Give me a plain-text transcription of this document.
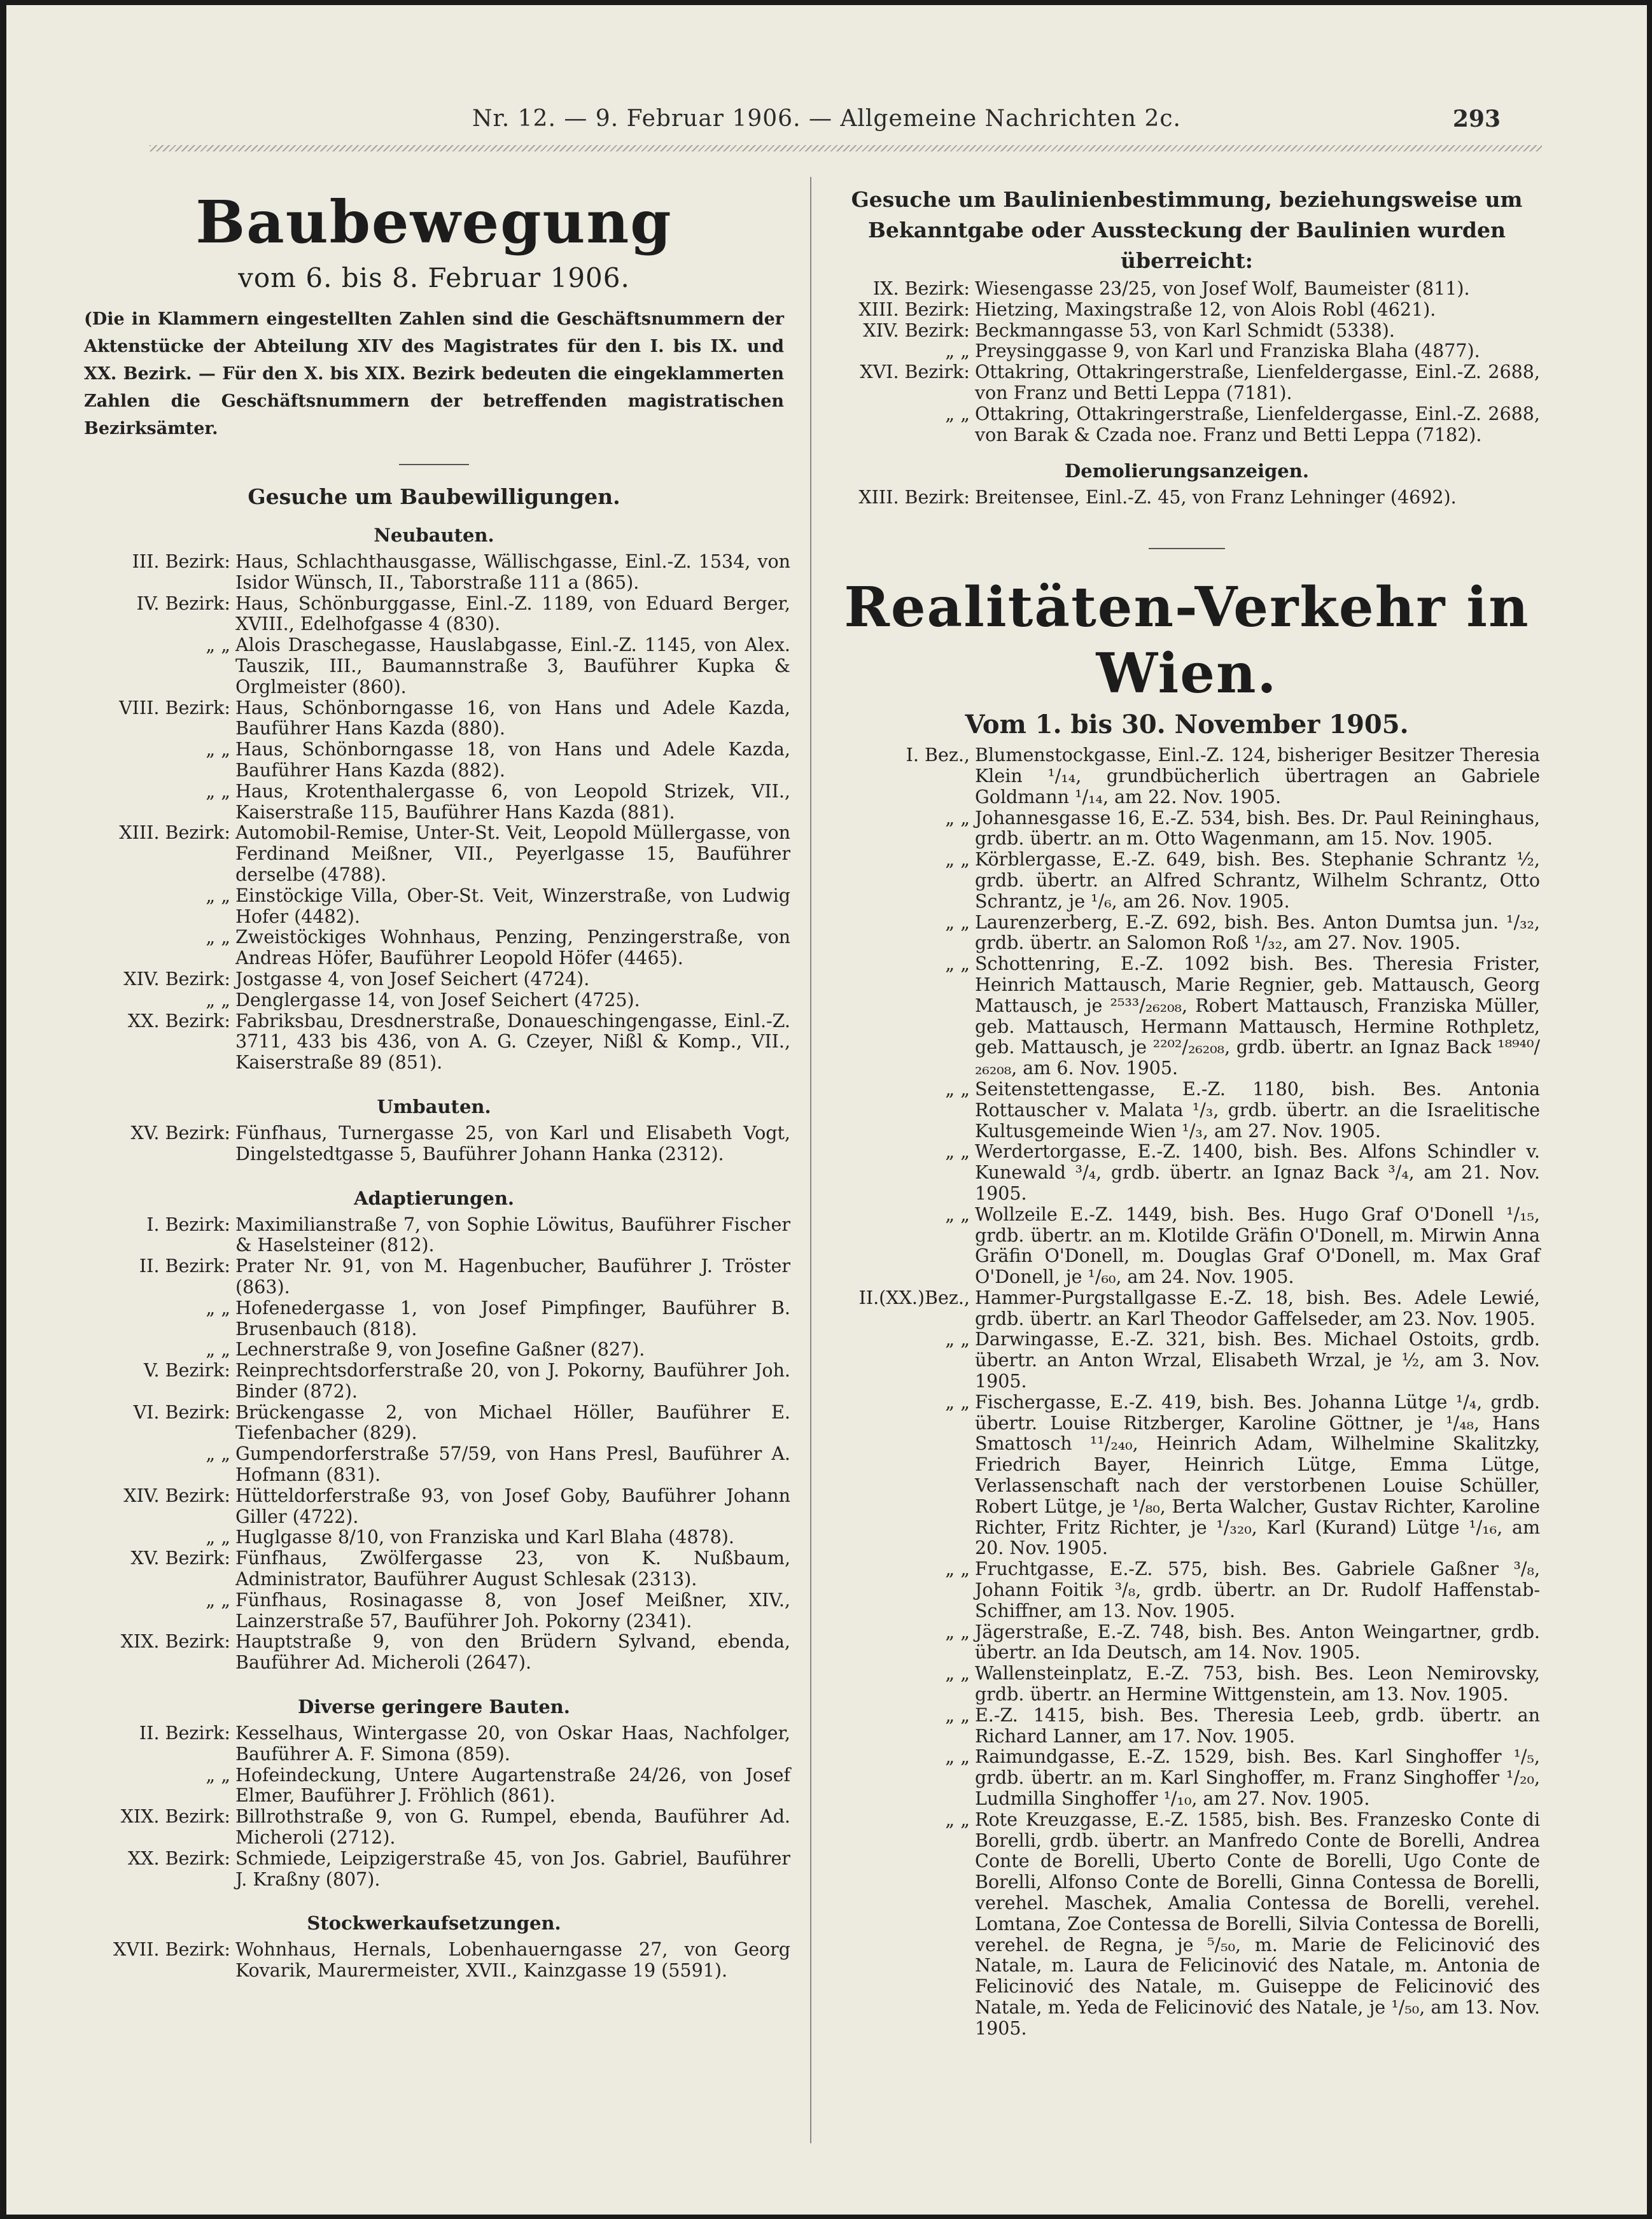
Nr. 12. — 9. Februar 1906. — Allgemeine Nachrichten 2c.	293
Baubewegung
vom 6. bis 8. Februar 1906.
(Die in Klammern eingestellten Zahlen sind die Geschäftsnummern der Aktenstücke der Abteilung XIV des Magistrates für den I. bis IX. und XX. Bezirk. — Für den X. bis XIX. Bezirk bedeuten die eingeklammerten Zahlen die Geschäftsnummern der betreffenden magistratischen Bezirksämter.
Gesuche um Baubewilligungen.
Neubauten.
III. Bezirk: Haus, Schlachthausgasse, Wällischgasse, Einl.-Z. 1534, von Isidor Wünsch, II., Taborstraße 111 a (865).
IV. Bezirk: Haus, Schönburggasse, Einl.-Z. 1189, von Eduard Berger, XVIII., Edelhofgasse 4 (830).
„ „ Alois Draschegasse, Hauslabgasse, Einl.-Z. 1145, von Alex. Tauszik, III., Baumannstraße 3, Bauführer Kupka & Orglmeister (860).
VIII. Bezirk: Haus, Schönborngasse 16, von Hans und Adele Kazda, Bauführer Hans Kazda (880).
„ „ Haus, Schönborngasse 18, von Hans und Adele Kazda, Bauführer Hans Kazda (882).
„ „ Haus, Krotenthalergasse 6, von Leopold Strizek, VII., Kaiserstraße 115, Bauführer Hans Kazda (881).
XIII. Bezirk: Automobil-Remise, Unter-St. Veit, Leopold Müllergasse, von Ferdinand Meißner, VII., Peyerlgasse 15, Bauführer derselbe (4788).
„ „ Einstöckige Villa, Ober-St. Veit, Winzerstraße, von Ludwig Hofer (4482).
„ „ Zweistöckiges Wohnhaus, Penzing, Penzingerstraße, von Andreas Höfer, Bauführer Leopold Höfer (4465).
XIV. Bezirk: Jostgasse 4, von Josef Seichert (4724).
„ „ Denglergasse 14, von Josef Seichert (4725).
XX. Bezirk: Fabriksbau, Dresdnerstraße, Donaueschingengasse, Einl.-Z. 3711, 433 bis 436, von A. G. Czeyer, Nißl & Komp., VII., Kaiserstraße 89 (851).
Umbauten.
XV. Bezirk: Fünfhaus, Turnergasse 25, von Karl und Elisabeth Vogt, Dingelstedtgasse 5, Bauführer Johann Hanka (2312).
Adaptierungen.
I. Bezirk: Maximilianstraße 7, von Sophie Löwitus, Bauführer Fischer & Haselsteiner (812).
II. Bezirk: Prater Nr. 91, von M. Hagenbucher, Bauführer J. Tröster (863).
„ „ Hofenedergasse 1, von Josef Pimpfinger, Bauführer B. Brusenbauch (818).
„ „ Lechnerstraße 9, von Josefine Gaßner (827).
V. Bezirk: Reinprechtsdorferstraße 20, von J. Pokorny, Bauführer Joh. Binder (872).
VI. Bezirk: Brückengasse 2, von Michael Höller, Bauführer E. Tiefenbacher (829).
„ „ Gumpendorferstraße 57/59, von Hans Presl, Bauführer A. Hofmann (831).
XIV. Bezirk: Hütteldorferstraße 93, von Josef Goby, Bauführer Johann Giller (4722).
„ „ Huglgasse 8/10, von Franziska und Karl Blaha (4878).
XV. Bezirk: Fünfhaus, Zwölfergasse 23, von K. Nußbaum, Administrator, Bauführer August Schlesak (2313).
„ „ Fünfhaus, Rosinagasse 8, von Josef Meißner, XIV., Lainzerstraße 57, Bauführer Joh. Pokorny (2341).
XIX. Bezirk: Hauptstraße 9, von den Brüdern Sylvand, ebenda, Bauführer Ad. Micheroli (2647).
Diverse geringere Bauten.
II. Bezirk: Kesselhaus, Wintergasse 20, von Oskar Haas, Nachfolger, Bauführer A. F. Simona (859).
„ „ Hofeindeckung, Untere Augartenstraße 24/26, von Josef Elmer, Bauführer J. Fröhlich (861).
XIX. Bezirk: Billrothstraße 9, von G. Rumpel, ebenda, Bauführer Ad. Micheroli (2712).
XX. Bezirk: Schmiede, Leipzigerstraße 45, von Jos. Gabriel, Bauführer J. Kraßny (807).
Stockwerkaufsetzungen.
XVII. Bezirk: Wohnhaus, Hernals, Lobenhauerngasse 27, von Georg Kovarik, Maurermeister, XVII., Kainzgasse 19 (5591).
Gesuche um Baulinienbestimmung, beziehungsweise um Bekanntgabe oder Aussteckung der Baulinien wurden überreicht:
IX. Bezirk: Wiesengasse 23/25, von Josef Wolf, Baumeister (811).
XIII. Bezirk: Hietzing, Maxingstraße 12, von Alois Robl (4621).
XIV. Bezirk: Beckmanngasse 53, von Karl Schmidt (5338).
„ „ Preysinggasse 9, von Karl und Franziska Blaha (4877).
XVI. Bezirk: Ottakring, Ottakringerstraße, Lienfeldergasse, Einl.-Z. 2688, von Franz und Betti Leppa (7181).
„ „ Ottakring, Ottakringerstraße, Lienfeldergasse, Einl.-Z. 2688, von Barak & Czada noe. Franz und Betti Leppa (7182).
Demolierungsanzeigen.
XIII. Bezirk: Breitensee, Einl.-Z. 45, von Franz Lehninger (4692).
Realitäten-Verkehr in Wien.
Vom 1. bis 30. November 1905.
I. Bez., Blumenstockgasse, Einl.-Z. 124, bisheriger Besitzer Theresia Klein ¹/₁₄, grundbücherlich übertragen an Gabriele Goldmann ¹/₁₄, am 22. Nov. 1905.
„ „ Johannesgasse 16, E.-Z. 534, bish. Bes. Dr. Paul Reininghaus, grdb. übertr. an m. Otto Wagenmann, am 15. Nov. 1905.
„ „ Körblergasse, E.-Z. 649, bish. Bes. Stephanie Schrantz ½, grdb. übertr. an Alfred Schrantz, Wilhelm Schrantz, Otto Schrantz, je ¹/₆, am 26. Nov. 1905.
„ „ Laurenzerberg, E.-Z. 692, bish. Bes. Anton Dumtsa jun. ¹/₃₂, grdb. übertr. an Salomon Roß ¹/₃₂, am 27. Nov. 1905.
„ „ Schottenring, E.-Z. 1092 bish. Bes. Theresia Frister, Heinrich Mattausch, Marie Regnier, geb. Mattausch, Georg Mattausch, je ²⁵³³/₂₆₂₀₈, Robert Mattausch, Franziska Müller, geb. Mattausch, Hermann Mattausch, Hermine Rothpletz, geb. Mattausch, je ²²⁰²/₂₆₂₀₈, grdb. übertr. an Ignaz Back ¹⁸⁹⁴⁰/₂₆₂₀₈, am 6. Nov. 1905.
„ „ Seitenstettengasse, E.-Z. 1180, bish. Bes. Antonia Rottauscher v. Malata ¹/₃, grdb. übertr. an die Israelitische Kultusgemeinde Wien ¹/₃, am 27. Nov. 1905.
„ „ Werdertorgasse, E.-Z. 1400, bish. Bes. Alfons Schindler v. Kunewald ³/₄, grdb. übertr. an Ignaz Back ³/₄, am 21. Nov. 1905.
„ „ Wollzeile E.-Z. 1449, bish. Bes. Hugo Graf O'Donell ¹/₁₅, grdb. übertr. an m. Klotilde Gräfin O'Donell, m. Mirwin Anna Gräfin O'Donell, m. Douglas Graf O'Donell, m. Max Graf O'Donell, je ¹/₆₀, am 24. Nov. 1905.
II.(XX.)Bez., Hammer-Purgstallgasse E.-Z. 18, bish. Bes. Adele Lewié, grdb. übertr. an Karl Theodor Gaffelseder, am 23. Nov. 1905.
„ „ Darwingasse, E.-Z. 321, bish. Bes. Michael Ostoits, grdb. übertr. an Anton Wrzal, Elisabeth Wrzal, je ½, am 3. Nov. 1905.
„ „ Fischergasse, E.-Z. 419, bish. Bes. Johanna Lütge ¹/₄, grdb. übertr. Louise Ritzberger, Karoline Göttner, je ¹/₄₈, Hans Smattosch ¹¹/₂₄₀, Heinrich Adam, Wilhelmine Skalitzky, Friedrich Bayer, Heinrich Lütge, Emma Lütge, Verlassenschaft nach der verstorbenen Louise Schüller, Robert Lütge, je ¹/₈₀, Berta Walcher, Gustav Richter, Karoline Richter, Fritz Richter, je ¹/₃₂₀, Karl (Kurand) Lütge ¹/₁₆, am 20. Nov. 1905.
„ „ Fruchtgasse, E.-Z. 575, bish. Bes. Gabriele Gaßner ³/₈, Johann Foitik ³/₈, grdb. übertr. an Dr. Rudolf Haffenstab-Schiffner, am 13. Nov. 1905.
„ „ Jägerstraße, E.-Z. 748, bish. Bes. Anton Weingartner, grdb. übertr. an Ida Deutsch, am 14. Nov. 1905.
„ „ Wallensteinplatz, E.-Z. 753, bish. Bes. Leon Nemirovsky, grdb. übertr. an Hermine Wittgenstein, am 13. Nov. 1905.
„ „ E.-Z. 1415, bish. Bes. Theresia Leeb, grdb. übertr. an Richard Lanner, am 17. Nov. 1905.
„ „ Raimundgasse, E.-Z. 1529, bish. Bes. Karl Singhoffer ¹/₅, grdb. übertr. an m. Karl Singhoffer, m. Franz Singhoffer ¹/₂₀, Ludmilla Singhoffer ¹/₁₀, am 27. Nov. 1905.
„ „ Rote Kreuzgasse, E.-Z. 1585, bish. Bes. Franzesko Conte di Borelli, grdb. übertr. an Manfredo Conte de Borelli, Andrea Conte de Borelli, Uberto Conte de Borelli, Ugo Conte de Borelli, Alfonso Conte de Borelli, Ginna Contessa de Borelli, verehel. Maschek, Amalia Contessa de Borelli, verehel. Lomtana, Zoe Contessa de Borelli, Silvia Contessa de Borelli, verehel. de Regna, je ⁵/₅₀, m. Marie de Felicinović des Natale, m. Laura de Felicinović des Natale, m. Antonia de Felicinović des Natale, m. Guiseppe de Felicinović des Natale, m. Yeda de Felicinović des Natale, je ¹/₅₀, am 13. Nov. 1905.
